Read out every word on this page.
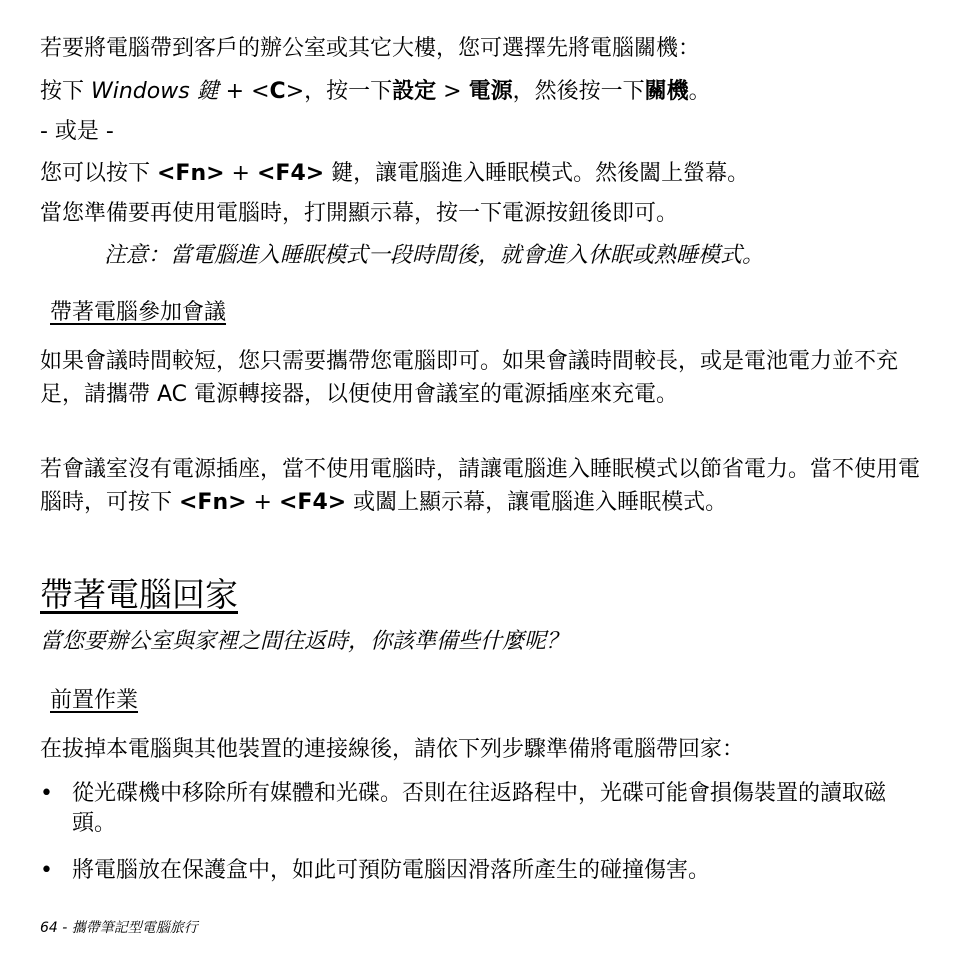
若要將電腦帶到客戶的辦公室或其它大樓，您可選擇先將電腦關機：

按下 Windows 鍵 + <C>，按一下設定 > 電源，然後按一下關機。

- 或是 -

您可以按下 <Fn> + <F4> 鍵，讓電腦進入睡眠模式。然後闔上螢幕。

當您準備要再使用電腦時，打開顯示幕，按一下電源按鈕後即可。

注意：當電腦進入睡眠模式一段時間後，就會進入休眠或熟睡模式。

帶著電腦參加會議

如果會議時間較短，您只需要攜帶您電腦即可。如果會議時間較長，或是電池電力並不充足，請攜帶 AC 電源轉接器，以便使用會議室的電源插座來充電。

若會議室沒有電源插座，當不使用電腦時，請讓電腦進入睡眠模式以節省電力。當不使用電腦時，可按下 <Fn> + <F4> 或闔上顯示幕，讓電腦進入睡眠模式。

帶著電腦回家

當您要辦公室與家裡之間往返時，你該準備些什麼呢？

前置作業

在拔掉本電腦與其他裝置的連接線後，請依下列步驟準備將電腦帶回家：

• 從光碟機中移除所有媒體和光碟。否則在往返路程中，光碟可能會損傷裝置的讀取磁頭。
• 將電腦放在保護盒中，如此可預防電腦因滑落所產生的碰撞傷害。
64 - 攜帶筆記型電腦旅行
